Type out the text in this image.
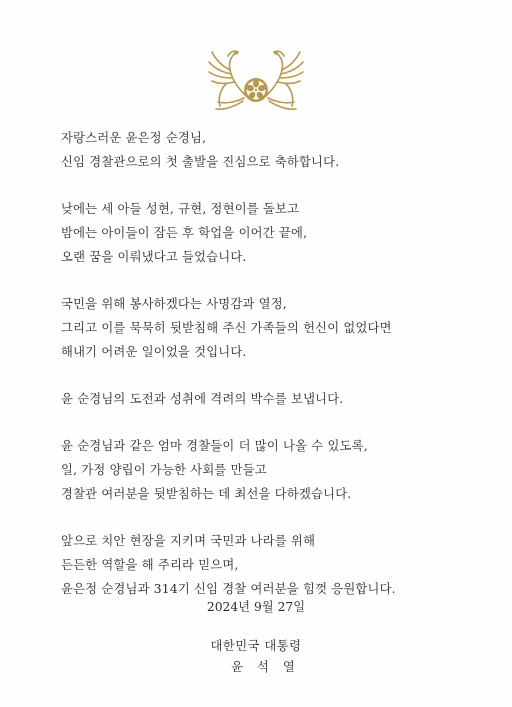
자랑스러운 윤은정 순경님,
신임 경찰관으로의 첫 출발을 진심으로 축하합니다.

낮에는 세 아들 성현, 규현, 정현이를 돌보고
밤에는 아이들이 잠든 후 학업을 이어간 끝에,
오랜 꿈을 이뤄냈다고 들었습니다.

국민을 위해 봉사하겠다는 사명감과 열정,
그리고 이를 묵묵히 뒷받침해 주신 가족들의 헌신이 없었다면
해내기 어려운 일이었을 것입니다.

윤 순경님의 도전과 성취에 격려의 박수를 보냅니다.

윤 순경님과 같은 엄마 경찰들이 더 많이 나올 수 있도록,
일, 가정 양립이 가능한 사회를 만들고
경찰관 여러분을 뒷받침하는 데 최선을 다하겠습니다.

앞으로 치안 현장을 지키며 국민과 나라를 위해
든든한 역할을 해 주리라 믿으며,
윤은정 순경님과 314기 신임 경찰 여러분을 힘껏 응원합니다.

2024년 9월 27일
대한민국 대통령
윤석열
